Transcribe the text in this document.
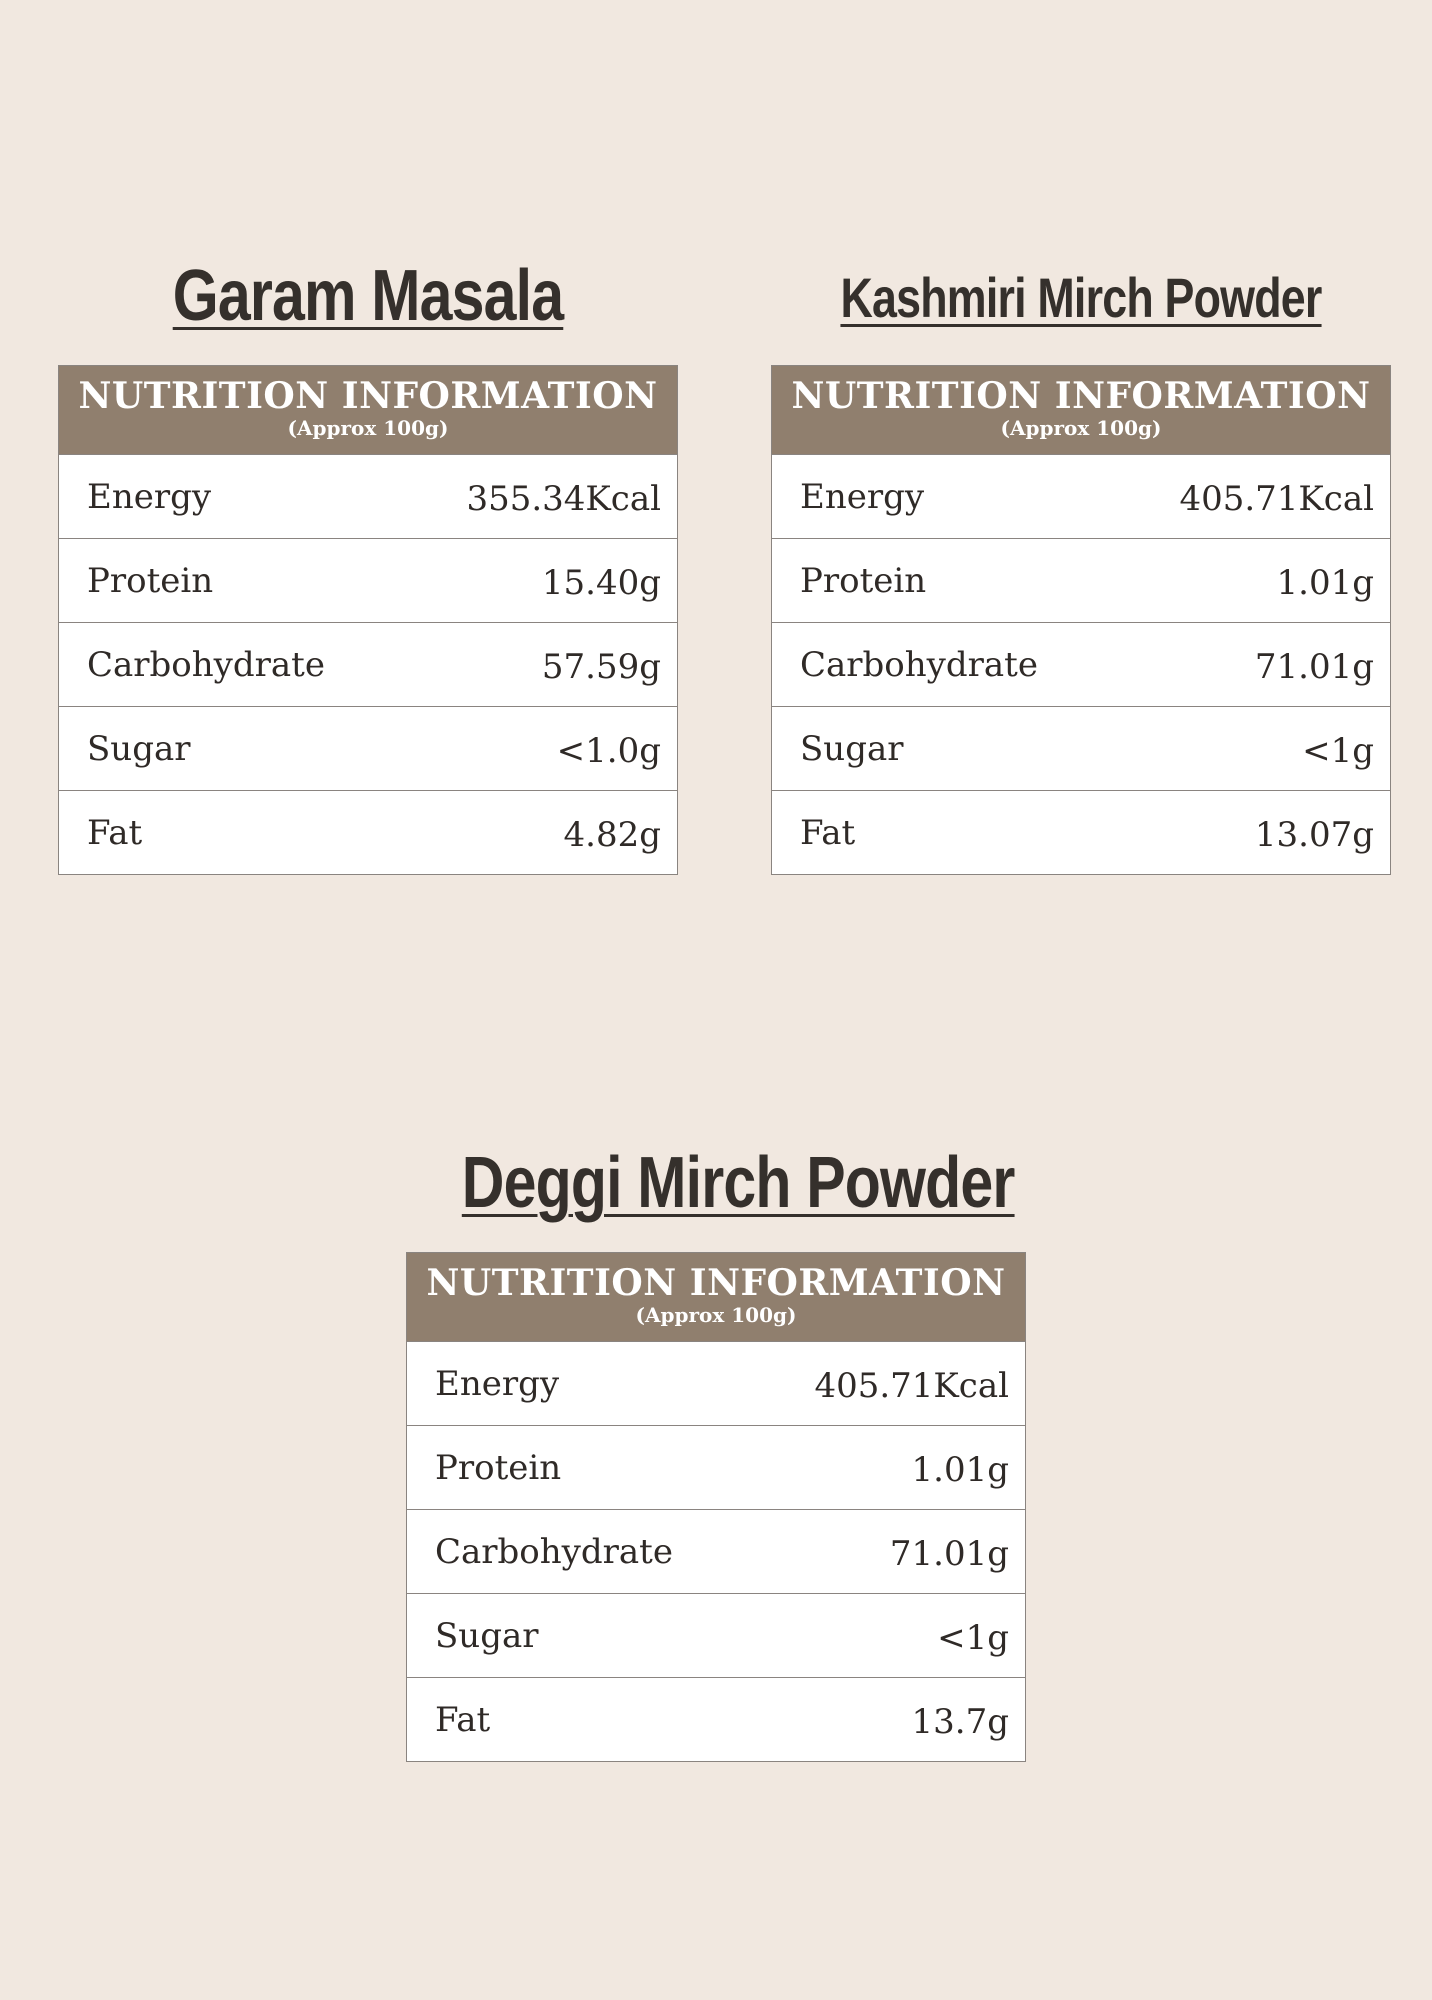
Garam Masala
NUTRITION INFORMATION
(Approx 100g)
Energy	355.34Kcal
Protein	15.40g
Carbohydrate	57.59g
Sugar	<1.0g
Fat	4.82g
Kashmiri Mirch Powder
NUTRITION INFORMATION
(Approx 100g)
Energy	405.71Kcal
Protein	1.01g
Carbohydrate	71.01g
Sugar	<1g
Fat	13.07g
Deggi Mirch Powder
NUTRITION INFORMATION
(Approx 100g)
Energy	405.71Kcal
Protein	1.01g
Carbohydrate	71.01g
Sugar	<1g
Fat	13.7g
